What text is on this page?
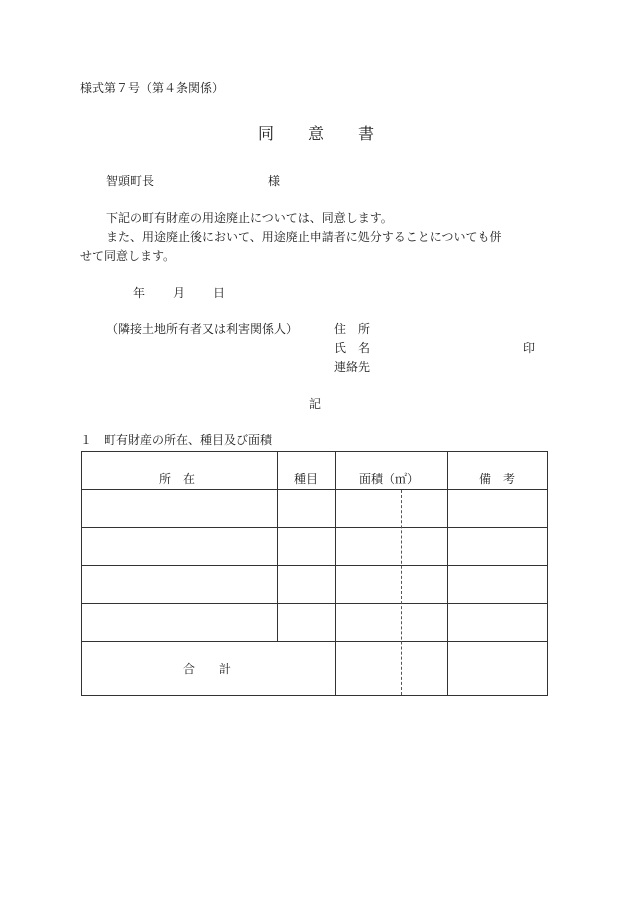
様式第７号（第４条関係）
同 意 書
智頭町長	様
下記の町有財産の用途廃止については、同意します。
また、用途廃止後において、用途廃止申請者に処分することについても併
せて同意します。
年 月 日
（隣接土地所有者又は利害関係人）	住　所
氏　名	印
連絡先
記
１　町有財産の所在、種目及び面積
所　在	種目	面積（㎡）	備　考
合　　計
